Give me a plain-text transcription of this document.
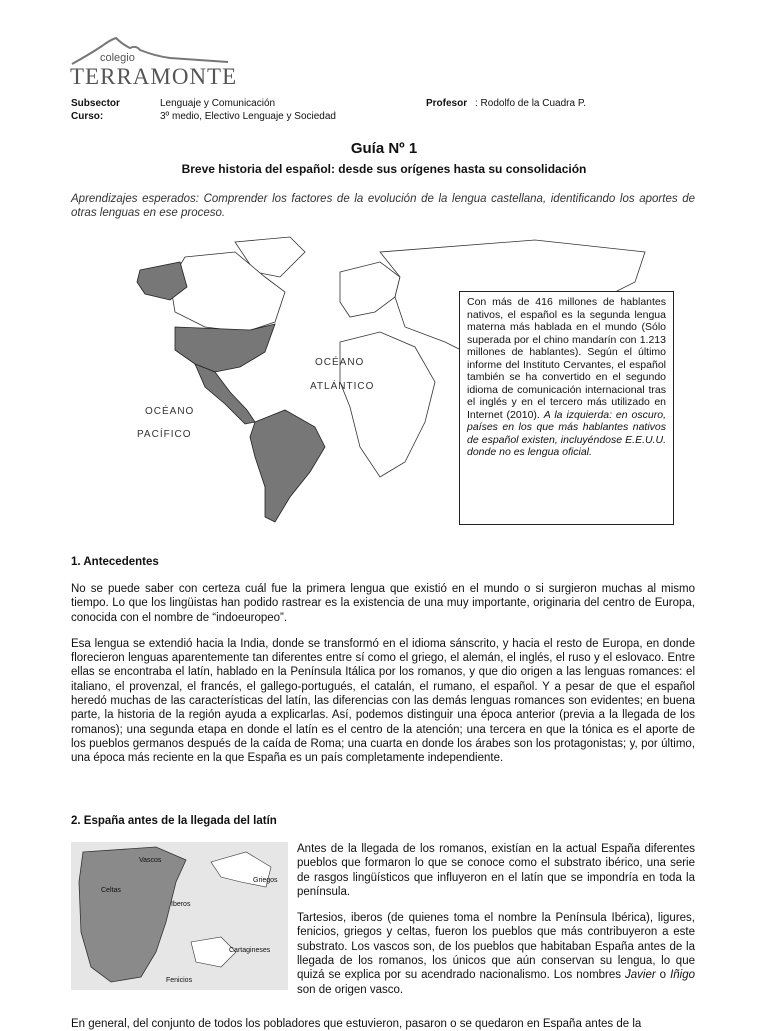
colegio
TERRAMONTE
Subsector	Lenguaje y Comunicación	Profesor : Rodolfo de la Cuadra P.
Curso:	3º medio, Electivo Lenguaje y Sociedad
Guía Nº 1
Breve historia del español: desde sus orígenes hasta su consolidación
Aprendizajes esperados: Comprender los factores de la evolución de la lengua castellana, identificando los aportes de otras lenguas en ese proceso.
OCÉANO
ATLÁNTICO
OCÉANO
PACÍFICO
Con más de 416 millones de hablantes nativos, el español es la segunda lengua materna más hablada en el mundo (Sólo superada por el chino mandarín con 1.213 millones de hablantes). Según el último informe del Instituto Cervantes, el español también se ha convertido en el segundo idioma de comunicación internacional tras el inglés y en el tercero más utilizado en Internet (2010). A la izquierda: en oscuro, países en los que más hablantes nativos de español existen, incluyéndose E.E.U.U. donde no es lengua oficial.
1. Antecedentes

No se puede saber con certeza cuál fue la primera lengua que existió en el mundo o si surgieron muchas al mismo tiempo. Lo que los lingüistas han podido rastrear es la existencia de una muy importante, originaria del centro de Europa, conocida con el nombre de “indoeuropeo”.

Esa lengua se extendió hacia la India, donde se transformó en el idioma sánscrito, y hacia el resto de Europa, en donde florecieron lenguas aparentemente tan diferentes entre sí como el griego, el alemán, el inglés, el ruso y el eslovaco. Entre ellas se encontraba el latín, hablado en la Península Itálica por los romanos, y que dio origen a las lenguas romances: el italiano, el provenzal, el francés, el gallego-portugués, el catalán, el rumano, el español. Y a pesar de que el español heredó muchas de las características del latín, las diferencias con las demás lenguas romances son evidentes; en buena parte, la historia de la región ayuda a explicarlas. Así, podemos distinguir una época anterior (previa a la llegada de los romanos); una segunda etapa en donde el latín es el centro de la atención; una tercera en que la tónica es el aporte de los pueblos germanos después de la caída de Roma; una cuarta en donde los árabes son los protagonistas; y, por último, una época más reciente en la que España es un país completamente independiente.

2. España antes de la llegada del latín
Vascos
Celtas
Iberos
Griegos
Cartagineses
Fenicios

Antes de la llegada de los romanos, existían en la actual España diferentes pueblos que formaron lo que se conoce como el substrato ibérico, una serie de rasgos lingüísticos que influyeron en el latín que se impondría en toda la península.

Tartesios, iberos (de quienes toma el nombre la Península Ibérica), ligures, fenicios, griegos y celtas, fueron los pueblos que más contribuyeron a este substrato. Los vascos son, de los pueblos que habitaban España antes de la llegada de los romanos, los únicos que aún conservan su lengua, lo que quizá se explica por su acendrado nacionalismo. Los nombres Javier o Iñigo son de origen vasco.

En general, del conjunto de todos los pobladores que estuvieron, pasaron o se quedaron en España antes de la
